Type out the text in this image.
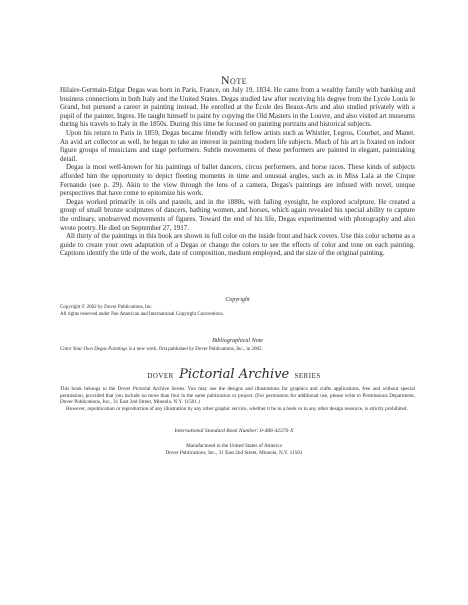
Note

Hilaire-Germain-Edgar Degas was born in Paris, France, on July 19, 1834. He came from a wealthy family with banking and business connections in both Italy and the United States. Degas studied law after receiving his degree from the Lycée Louis le Grand, but pursued a career in painting instead. He enrolled at the École des Beaux-Arts and also studied privately with a pupil of the painter, Ingres. He taught himself to paint by copying the Old Masters in the Louvre, and also visited art museums during his travels to Italy in the 1850s. During this time he focused on painting portraits and historical subjects.

Upon his return to Paris in 1859, Degas became friendly with fellow artists such as Whistler, Legros, Courbet, and Manet. An avid art collector as well, he began to take an interest in painting modern life subjects. Much of his art is fixated on indoor figure groups of musicians and stage performers. Subtle movements of these performers are painted in elegant, painstaking detail.

Degas is most well-known for his paintings of ballet dancers, circus performers, and horse races. These kinds of subjects afforded him the opportunity to depict fleeting moments in time and unusual angles, such as in Miss Lala at the Cirque Fernando (see p. 29). Akin to the view through the lens of a camera, Degas's paintings are infused with novel, unique perspectives that have come to epitomize his work.

Degas worked primarily in oils and pastels, and in the 1880s, with failing eyesight, he explored sculpture. He created a group of small bronze sculptures of dancers, bathing women, and horses, which again revealed his special ability to capture the ordinary, unobserved movements of figures. Toward the end of his life, Degas experimented with photography and also wrote poetry. He died on September 27, 1917.

All thirty of the paintings in this book are shown in full color on the inside front and back covers. Use this color scheme as a guide to create your own adaptation of a Degas or change the colors to see the effects of color and tone on each painting. Captions identify the title of the work, date of composition, medium employed, and the size of the original painting.

Copyright
Copyright © 2002 by Dover Publications, Inc.
All rights reserved under Pan American and International Copyright Conventions.
Bibliographical Note
Color Your Own Degas Paintings is a new work, first published by Dover Publications, Inc., in 2002.
DOVER Pictorial Archive SERIES

This book belongs to the Dover Pictorial Archive Series. You may use the designs and illustrations for graphics and crafts applications, free and without special permission, provided that you include no more than four in the same publication or project. (For permission for additional use, please write to Permissions Department, Dover Publications, Inc., 31 East 2nd Street, Mineola, N.Y. 11501.)

However, republication or reproduction of any illustration by any other graphic service, whether it be in a book or in any other design resource, is strictly prohibited.

International Standard Book Number: 0-486-42376-X
Manufactured in the United States of America
Dover Publications, Inc., 31 East 2nd Street, Mineola, N.Y. 11501
